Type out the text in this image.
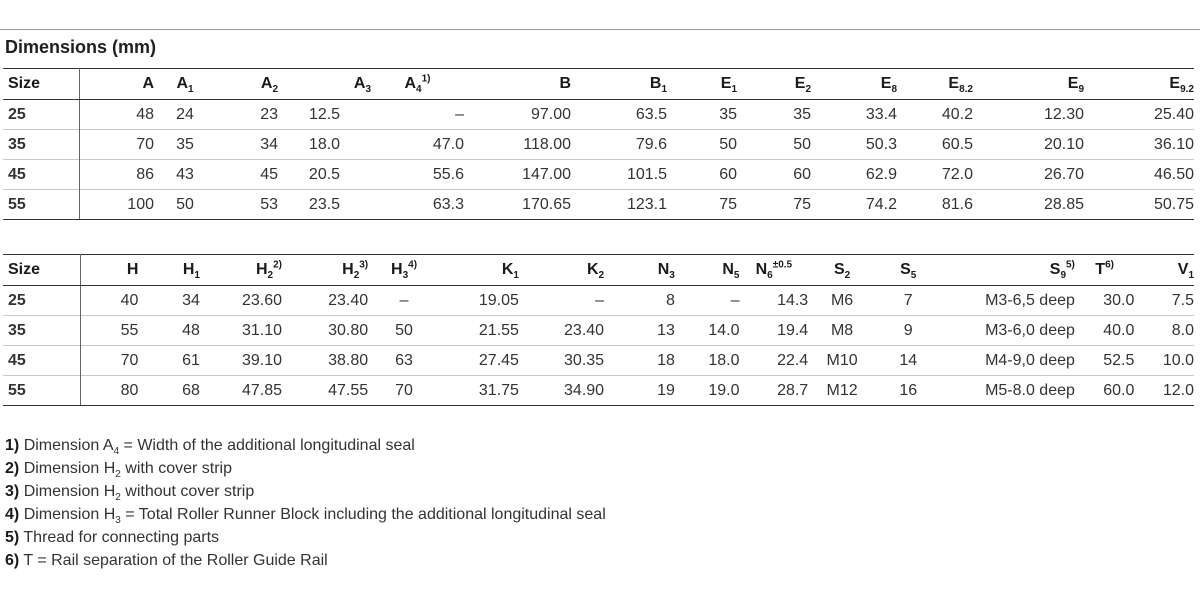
Dimensions (mm)
Size	A	$A_1$	$A_2$	$A_3$	$A_4^{1)}$	B	$B_1$	$E_1$	$E_2$	$E_8$	$E_{8.2}$	$E_9$	$E_{9.2}$
25	48	24	23	12.5	–	97.00	63.5	35	35	33.4	40.2	12.30	25.40
35	70	35	34	18.0	47.0	118.00	79.6	50	50	50.3	60.5	20.10	36.10
45	86	43	45	20.5	55.6	147.00	101.5	60	60	62.9	72.0	26.70	46.50
55	100	50	53	23.5	63.3	170.65	123.1	75	75	74.2	81.6	28.85	50.75
Size	H	$H_1$	$H_2^{2)}$	$H_2^{3)}$	$H_3^{4)}$	$K_1$	$K_2$	$N_3$	$N_5$	$N_6^{\pm 0.5}$	$S_2$	$S_5$	$S_9^{5)}$	$T^{6)}$	$V_1$
25	40	34	23.60	23.40	–	19.05	–	8	–	14.3	M6	7	M3-6,5 deep	30.0	7.5
35	55	48	31.10	30.80	50	21.55	23.40	13	14.0	19.4	M8	9	M3-6,0 deep	40.0	8.0
45	70	61	39.10	38.80	63	27.45	30.35	18	18.0	22.4	M10	14	M4-9,0 deep	52.5	10.0
55	80	68	47.85	47.55	70	31.75	34.90	19	19.0	28.7	M12	16	M5-8.0 deep	60.0	12.0
1) Dimension $A_4$ = Width of the additional longitudinal seal
2) Dimension $H_2$ with cover strip
3) Dimension $H_2$ without cover strip
4) Dimension $H_3$ = Total Roller Runner Block including the additional longitudinal seal
5) Thread for connecting parts
6) T = Rail separation of the Roller Guide Rail
